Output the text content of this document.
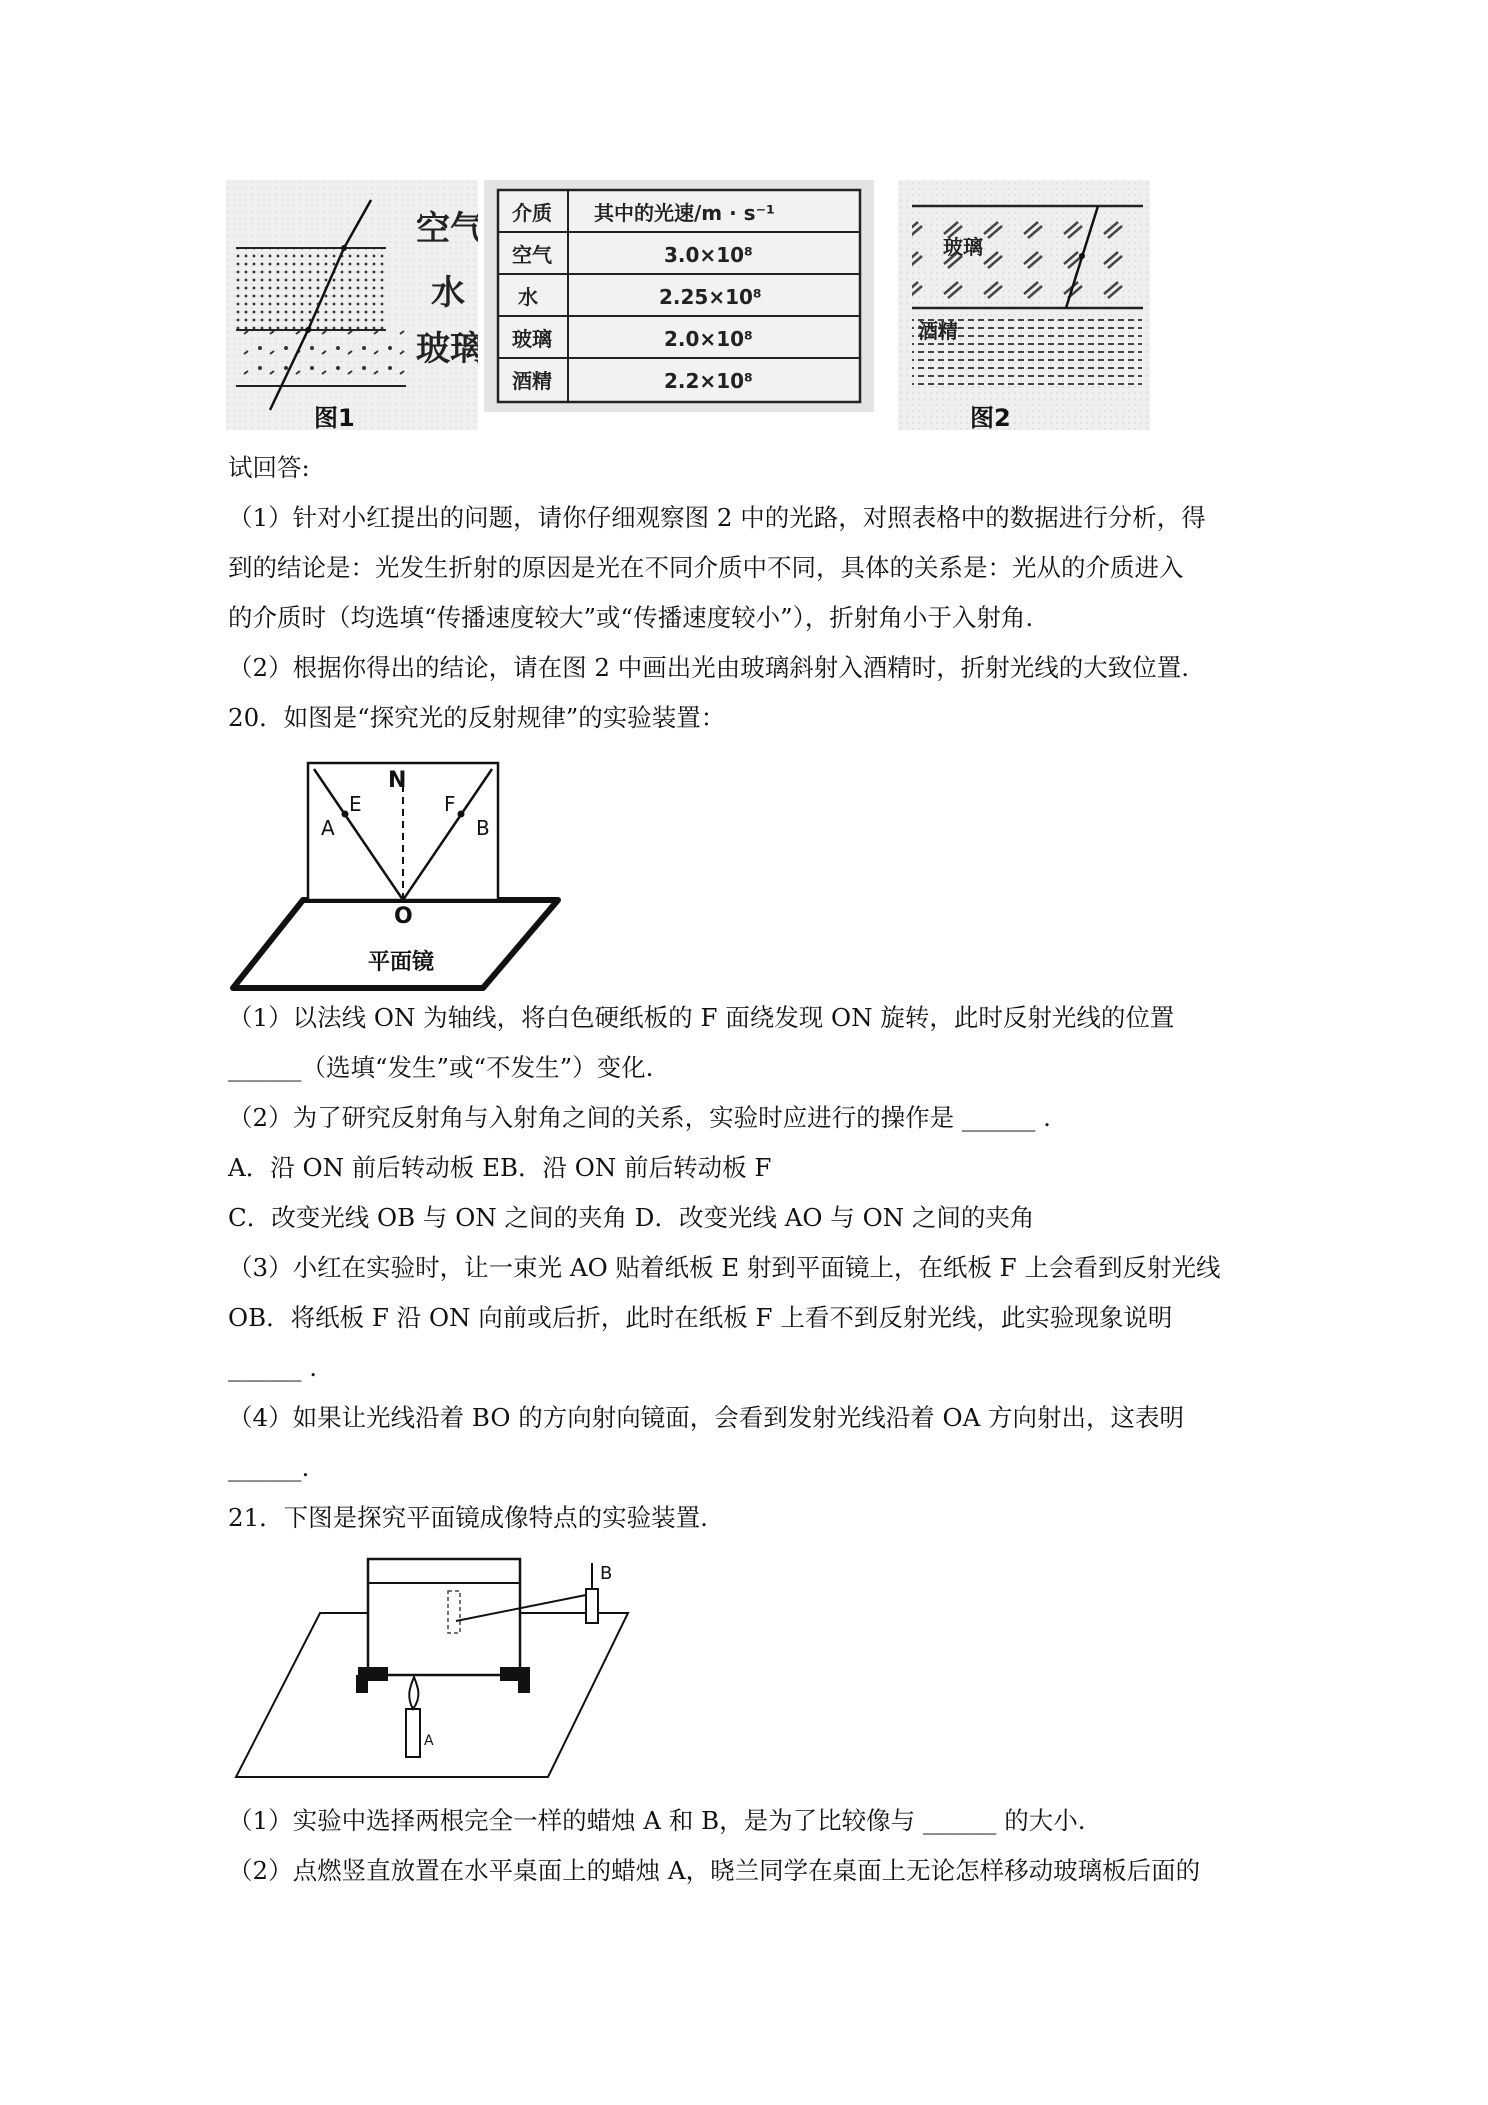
空气
水
玻璃
图1
介质 其中的光速/m · s⁻¹
空气	3.0×10⁸
水	2.25×10⁸
玻璃	2.0×10⁸
酒精	2.2×10⁸
玻璃
酒精
图2
试回答:
（1）针对小红提出的问题，请你仔细观察图 2 中的光路，对照表格中的数据进行分析，得
到的结论是：光发生折射的原因是光在不同介质中不同，具体的关系是：光从的介质进入
的介质时（均选填“传播速度较大”或“传播速度较小”），折射角小于入射角.
（2）根据你得出的结论，请在图 2 中画出光由玻璃斜射入酒精时，折射光线的大致位置.
20．如图是“探究光的反射规律”的实验装置：
N
E
A
F
B
O
平面镜
（1）以法线 ON 为轴线，将白色硬纸板的 F 面绕发现 ON 旋转，此时反射光线的位置
______（选填“发生”或“不发生”）变化.
（2）为了研究反射角与入射角之间的关系，实验时应进行的操作是 ______ .
A．沿 ON 前后转动板 EB．沿 ON 前后转动板 F
C．改变光线 OB 与 ON 之间的夹角 D．改变光线 AO 与 ON 之间的夹角
（3）小红在实验时，让一束光 AO 贴着纸板 E 射到平面镜上，在纸板 F 上会看到反射光线
OB．将纸板 F 沿 ON 向前或后折，此时在纸板 F 上看不到反射光线，此实验现象说明
______ .
（4）如果让光线沿着 BO 的方向射向镜面，会看到发射光线沿着 OA 方向射出，这表明
______.
21．下图是探究平面镜成像特点的实验装置.
B
A
（1）实验中选择两根完全一样的蜡烛 A 和 B，是为了比较像与 ______ 的大小.
（2）点燃竖直放置在水平桌面上的蜡烛 A，晓兰同学在桌面上无论怎样移动玻璃板后面的
